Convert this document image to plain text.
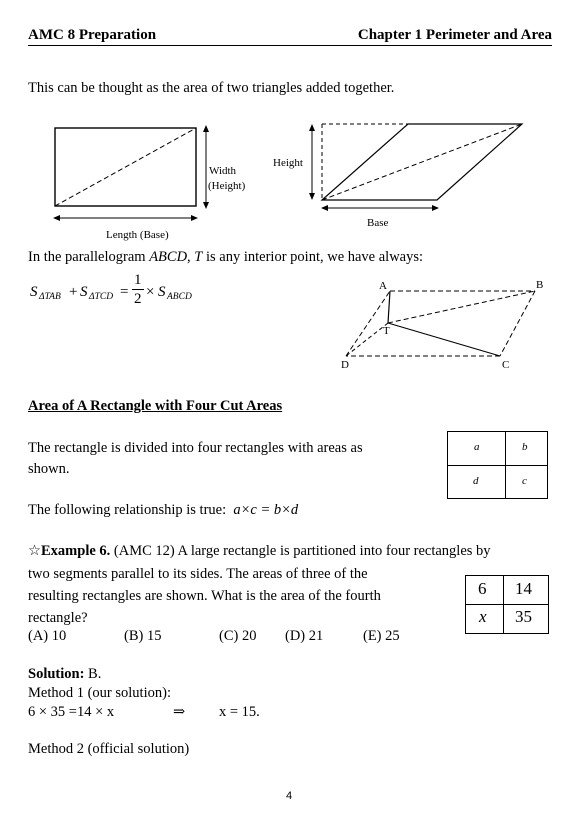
AMC 8 Preparation	Chapter 1 Perimeter and Area
This can be thought as the area of two triangles added together.
Width
(Height)
Length (Base)
Height
Base
In the parallelogram ABCD, T is any interior point, we have always:
S ΔTAB + S ΔTCD =
1
2 × S ABCD
A	B
C
D
T
Area of A Rectangle with Four Cut Areas
The rectangle is divided into four rectangles with areas as
shown.
a	b
d	c
The following relationship is true: a×c = b×d
☆Example 6. (AMC 12) A large rectangle is partitioned into four rectangles by
two segments parallel to its sides. The areas of three of the
resulting rectangles are shown. What is the area of the fourth
rectangle?
(A) 10	(B) 15	(C) 20 (D) 21	(E) 25
6 14
x 35
Solution: B.
Method 1 (our solution):
6 × 35 =14 × x	⇒ x = 15.
Method 2 (official solution)
4
